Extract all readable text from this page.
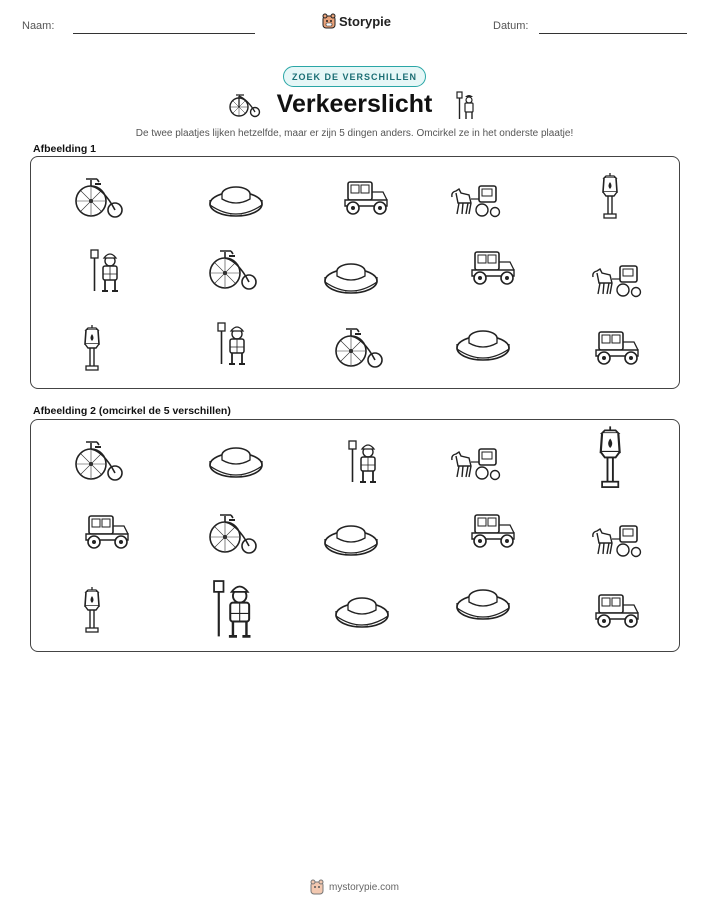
Naam:	Storypie	Datum:
ZOEK DE VERSCHILLEN
Verkeerslicht
De twee plaatjes lijken hetzelfde, maar er zijn 5 dingen anders. Omcirkel ze in het onderste plaatje!
Afbeelding 1
Afbeelding 2 (omcirkel de 5 verschillen)
mystorypie.com
